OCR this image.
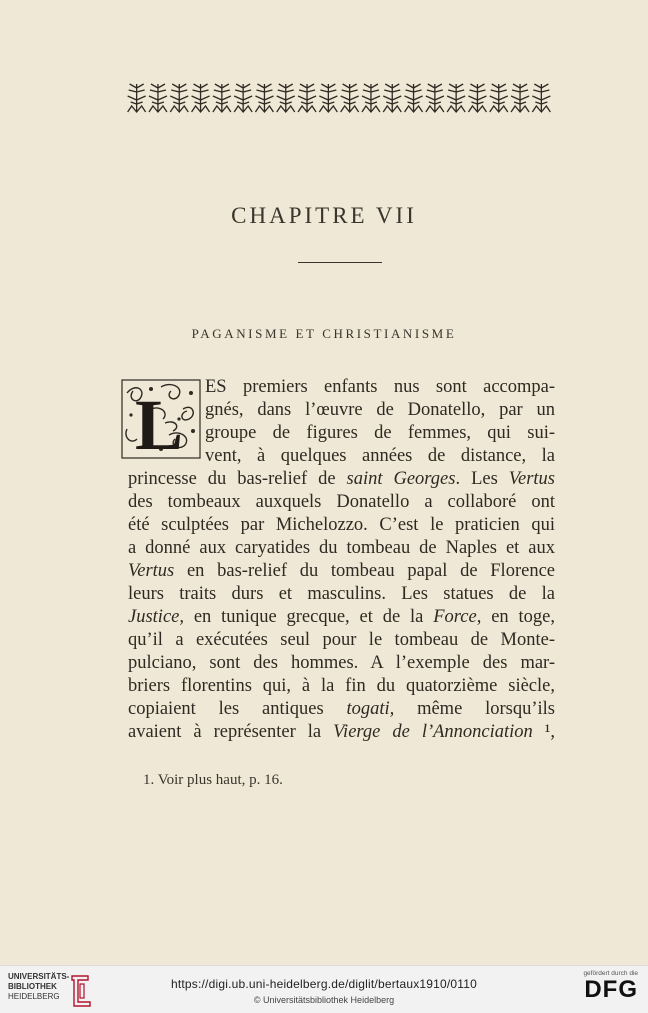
CHAPITRE VII
PAGANISME ET CHRISTIANISME
L ES premiers enfants nus sont accompa-
gnés, dans l’œuvre de Donatello, par un
groupe de figures de femmes, qui sui-
vent, à quelques années de distance, la
princesse du bas-relief de saint Georges. Les Vertus
des tombeaux auxquels Donatello a collaboré ont
été sculptées par Michelozzo. C’est le praticien qui
a donné aux caryatides du tombeau de Naples et aux
Vertus en bas-relief du tombeau papal de Florence
leurs traits durs et masculins. Les statues de la
Justice, en tunique grecque, et de la Force, en toge,
qu’il a exécutées seul pour le tombeau de Monte-
pulciano, sont des hommes. A l’exemple des mar-
briers florentins qui, à la fin du quatorzième siècle,
copiaient les antiques togati, même lorsqu’ils
avaient à représenter la Vierge de l’Annonciation ¹,
1. Voir plus haut, p. 16.
UNIVERSITÄTS-
BIBLIOTHEK
HEIDELBERG
https://digi.ub.uni-heidelberg.de/diglit/bertaux1910/0110
© Universitätsbibliothek Heidelberg
gefördert durch die
DFG
